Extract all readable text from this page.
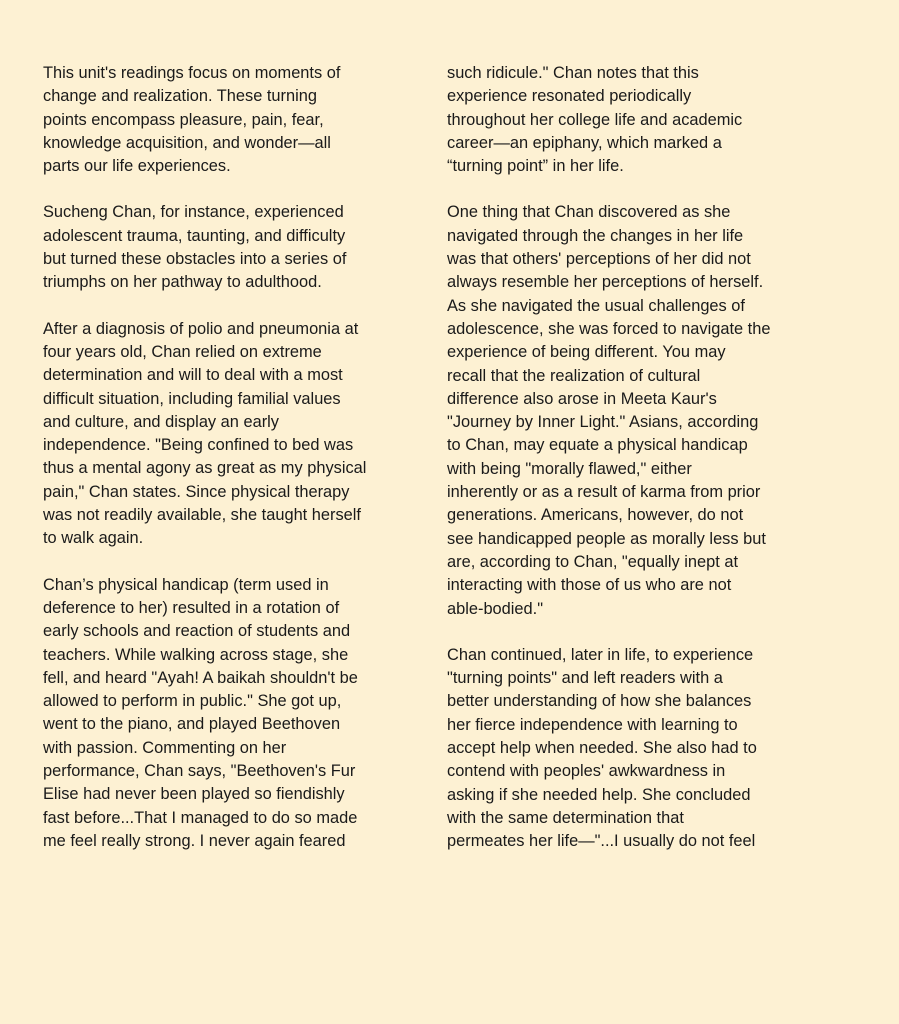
This unit's readings focus on moments of
change and realization. These turning
points encompass pleasure, pain, fear,
knowledge acquisition, and wonder—all
parts our life experiences.

Sucheng Chan, for instance, experienced
adolescent trauma, taunting, and difficulty
but turned these obstacles into a series of
triumphs on her pathway to adulthood.

After a diagnosis of polio and pneumonia at
four years old, Chan relied on extreme
determination and will to deal with a most
difficult situation, including familial values
and culture, and display an early
independence. "Being confined to bed was
thus a mental agony as great as my physical
pain," Chan states. Since physical therapy
was not readily available, she taught herself
to walk again.

Chan’s physical handicap (term used in
deference to her) resulted in a rotation of
early schools and reaction of students and
teachers. While walking across stage, she
fell, and heard "Ayah! A baikah shouldn't be
allowed to perform in public." She got up,
went to the piano, and played Beethoven
with passion. Commenting on her
performance, Chan says, "Beethoven's Fur
Elise had never been played so fiendishly
fast before...That I managed to do so made
me feel really strong. I never again feared

such ridicule." Chan notes that this
experience resonated periodically
throughout her college life and academic
career—an epiphany, which marked a
“turning point” in her life.

One thing that Chan discovered as she
navigated through the changes in her life
was that others' perceptions of her did not
always resemble her perceptions of herself.
As she navigated the usual challenges of
adolescence, she was forced to navigate the
experience of being different. You may
recall that the realization of cultural
difference also arose in Meeta Kaur's
"Journey by Inner Light." Asians, according
to Chan, may equate a physical handicap
with being "morally flawed," either
inherently or as a result of karma from prior
generations. Americans, however, do not
see handicapped people as morally less but
are, according to Chan, "equally inept at
interacting with those of us who are not
able-bodied."

Chan continued, later in life, to experience
"turning points" and left readers with a
better understanding of how she balances
her fierce independence with learning to
accept help when needed. She also had to
contend with peoples' awkwardness in
asking if she needed help. She concluded
with the same determination that
permeates her life—"...I usually do not feel
